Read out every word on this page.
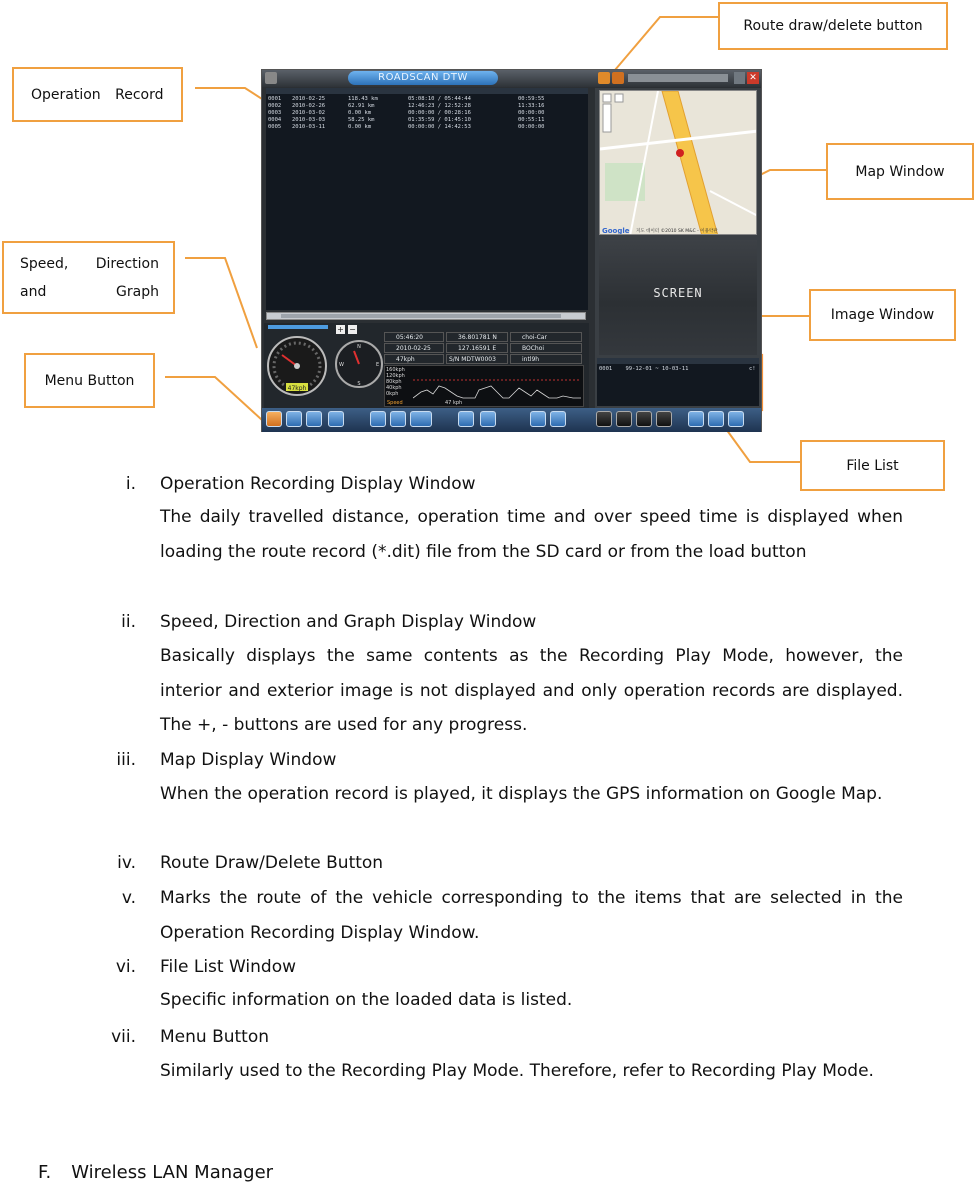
Operation Record
Speed, Direction and Graph
Menu Button
Route draw/delete button
Map Window
Image Window
File List
ROADSCAN DTW	✕
0001	2010-02-25	118.43 km	05:08:10 / 05:44:44	00:59:55
0002	2010-02-26	62.91 km	12:46:23 / 12:52:28	11:33:16
0003	2010-03-02	0.00 km	00:00:00 / 00:28:16	00:00:00
0004	2010-03-03	58.25 km	01:35:59 / 01:45:10	00:55:11
0005	2010-03-11	0.00 km	00:00:00 / 14:42:53	00:00:00
+ −
47kph
N
S
W	E
05:46:20	36.801781 N	choi-Car
2010-02-25	127.16591 E	BOChoi
47kph	S/N MDTW0003	intl9h
160kph
120kph
80kph
40kph
0kph
Speed	47 kph
Google 지도 데이터 ©2010 SK M&C - 이용약관
SCREEN
0001    99-12-01 ~ 10-03-11	c!
i. Operation Recording Display Window
The daily travelled distance, operation time and over speed time is displayed when loading the route record (*.dit) file from the SD card or from the load button
ii. Speed, Direction and Graph Display Window
Basically displays the same contents as the Recording Play Mode, however, the interior and exterior image is not displayed and only operation records are displayed. The +, - buttons are used for any progress.
iii. Map Display Window
When the operation record is played, it displays the GPS information on Google Map.
iv. Route Draw/Delete Button
v. Marks the route of the vehicle corresponding to the items that are selected in the Operation Recording Display Window.
vi. File List Window
Specific information on the loaded data is listed.
vii. Menu Button
Similarly used to the Recording Play Mode. Therefore, refer to Recording Play Mode.
F. Wireless LAN Manager
